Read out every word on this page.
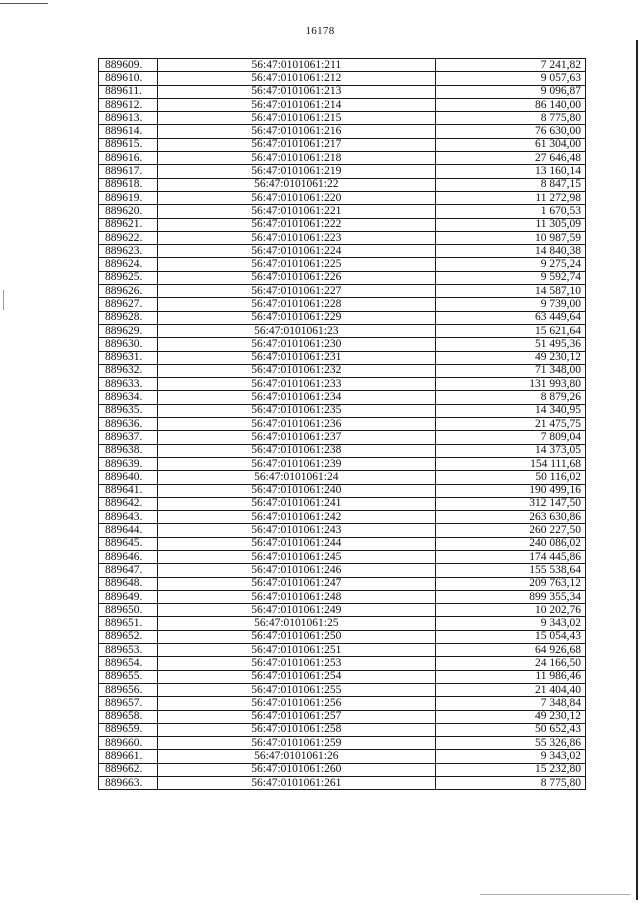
16178
889609.	56:47:0101061:211	7 241,82
889610.	56:47:0101061:212	9 057,63
889611.	56:47:0101061:213	9 096,87
889612.	56:47:0101061:214	86 140,00
889613.	56:47:0101061:215	8 775,80
889614.	56:47:0101061:216	76 630,00
889615.	56:47:0101061:217	61 304,00
889616.	56:47:0101061:218	27 646,48
889617.	56:47:0101061:219	13 160,14
889618.	56:47:0101061:22	8 847,15
889619.	56:47:0101061:220	11 272,98
889620.	56:47:0101061:221	1 670,53
889621.	56:47:0101061:222	11 305,09
889622.	56:47:0101061:223	10 987,59
889623.	56:47:0101061:224	14 840,38
889624.	56:47:0101061:225	9 275,24
889625.	56:47:0101061:226	9 592,74
889626.	56:47:0101061:227	14 587,10
889627.	56:47:0101061:228	9 739,00
889628.	56:47:0101061:229	63 449,64
889629.	56:47:0101061:23	15 621,64
889630.	56:47:0101061:230	51 495,36
889631.	56:47:0101061:231	49 230,12
889632.	56:47:0101061:232	71 348,00
889633.	56:47:0101061:233	131 993,80
889634.	56:47:0101061:234	8 879,26
889635.	56:47:0101061:235	14 340,95
889636.	56:47:0101061:236	21 475,75
889637.	56:47:0101061:237	7 809,04
889638.	56:47:0101061:238	14 373,05
889639.	56:47:0101061:239	154 111,68
889640.	56:47:0101061:24	50 116,02
889641.	56:47:0101061:240	190 499,16
889642.	56:47:0101061:241	312 147,50
889643.	56:47:0101061:242	263 630,86
889644.	56:47:0101061:243	260 227,50
889645.	56:47:0101061:244	240 086,02
889646.	56:47:0101061:245	174 445,86
889647.	56:47:0101061:246	155 538,64
889648.	56:47:0101061:247	209 763,12
889649.	56:47:0101061:248	899 355,34
889650.	56:47:0101061:249	10 202,76
889651.	56:47:0101061:25	9 343,02
889652.	56:47:0101061:250	15 054,43
889653.	56:47:0101061:251	64 926,68
889654.	56:47:0101061:253	24 166,50
889655.	56:47:0101061:254	11 986,46
889656.	56:47:0101061:255	21 404,40
889657.	56:47:0101061:256	7 348,84
889658.	56:47:0101061:257	49 230,12
889659.	56:47:0101061:258	50 652,43
889660.	56:47:0101061:259	55 326,86
889661.	56:47:0101061:26	9 343,02
889662.	56:47:0101061:260	15 232,80
889663.	56:47:0101061:261	8 775,80
